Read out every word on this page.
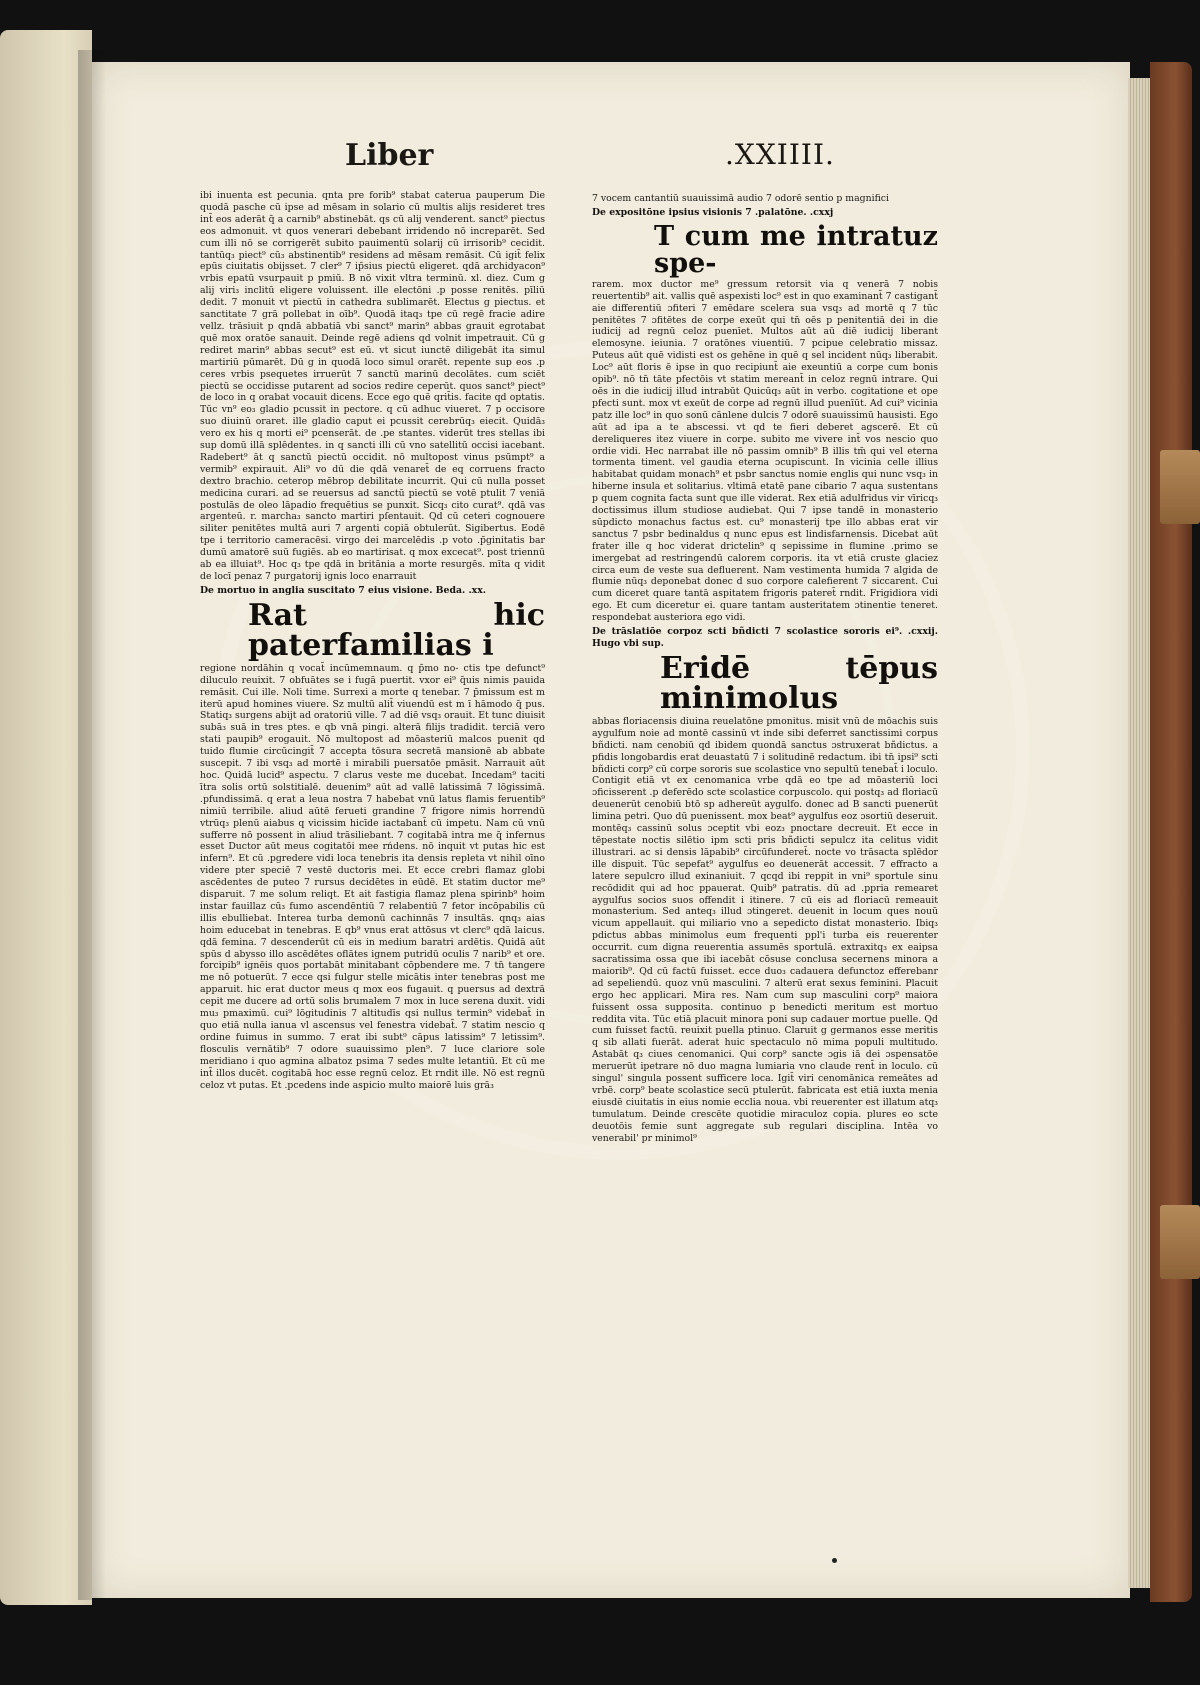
Liber	.XXIIII.

ibi inuenta est pecunia. qnta pre forib⁹ stabat caterua pauperum Die quodā pasche cū ipse ad mēsam in solario cū multis alijs resideret tres int̄ eos aderāt q̄ a carnib⁹ abstinebāt. qs cū alij venderent. sanct⁹ piectus eos admonuit. vt quos venerari debebant irridendo nō increparēt. Sed cum illi nō se corrigerēt subito pauimentū solarij cū irrisorib⁹ cecidit. tantūq₃ piect⁹ cū₃ abstinentib⁹ residens ad mēsam remāsit. Cū igit̄ felix epūs ciuitatis obijsset. 7 cler⁹ 7 ip̄sius piectū eligeret. qdā archidyacon⁹ vrbis epatū vsurpauit p pmiū. B nō vixit vltra terminū. xl. diez. Cum g alij viri₃ inclitū eligere voluissent. ille electōni .p posse renitēs. pīliū dedit. 7 monuit vt piectū in cathedra sublimarēt. Electus g piectus. et sanctitate 7 grā pollebat in oīb⁹. Quodā itaq₃ tpe cū regē fracie adire vellz. trāsiuit p qndā abbatiā vbi sanct⁹ marin⁹ abbas grauit egrotabat quē mox oratōe sanauit. Deinde regē adiens qd volnit impetrauit. Cū g rediret marin⁹ abbas secut⁹ est eū. vt sicut iunctē diligebāt ita simul martiriū pūmarēt. Dū g in quodā loco simul orarēt. repente sup eos .p ceres vrbis psequetes irruerūt 7 sanctū marinū decolātes. cum sciēt piectū se occidisse putarent ad socios redire ceperūt. quos sanct⁹ piect⁹ de loco in q orabat vocauit dicens. Ecce ego quē qrit̄is. facite qd optatis. Tūc vn⁹ eo₃ gladio pcussit in pectore. q cū adhuc viueret. 7 p occisore suo diuinū oraret. ille gladio caput ei pcussit cerebrūq₃ eiecit. Quidā₃ vero ex his q morti ei⁹ pcenserāt. de .pe stantes. viderūt tres stellas ibi sup domū illā splēdentes. in q sancti illi cū vno satellitū occisi iacebant. Radebert⁹ āt q sanctū piectū occidit. nō multopost vinus psūmpt⁹ a vermib⁹ expirauit. Ali⁹ vo dū die qdā venaret̄ de eq corruens fracto dextro brachio. ceterop mēbrop debilitate incurrit. Qui cū nulla posset medicina curari. ad se reuersus ad sanctū piectū se votē ptulit 7 veniā postulās de oleo lāpadio frequētius se punxit. Sicq₃ cito curat⁹. qdā vas argenteū. r. marcha₃ sancto martiri pſentauit. Qd cū ceteri cognouere siliter penitētes multā auri 7 argenti copiā obtulerūt. Sigibertus. Eodē tpe i territorio cameracēsi. virgo dei marcelēdis .p voto .p̄ginitatis bar dumū amatorē suū fugiēs. ab eo martirisat. q mox excecat⁹. post triennū ab ea illuiat⁹. Hoc q₃ tpe qdā in britānia a morte resurgēs. mīta q vidit de locī penaz 7 purgatorij ignis loco enarrauit

De mortuo in anglia suscitato 7 eius visione. Beda. .xx.
Rat hic paterfamilias i

regione nordāhin q vocat̄ incūmemnaum. q p̄mo no- ctis tpe defunct⁹ diluculo reuixit. 7 obfuātes se i fugā puertit. vxor ei⁹ q̄uis nimis pauida remāsit. Cui ille. Noli time. Surrexi a morte q tenebar. 7 p̄missum est m iterū apud homines viuere. Sz multū alit̄ viuendū est m ī hāmodo q̄ pus. Statiq₃ surgens abijt ad oratoriū ville. 7 ad diē vsq₃ orauit. Et tunc diuisit subā₃ suā in tres ptes. e qb vnā pingi. alterā filijs tradidit. terciā vero stati paupib⁹ erogauit. Nō multopost ad mōasteriū malcos puenit qd tuido flumie circūcingit̄ 7 accepta tōsura secretā mansionē ab abbate suscepit. 7 ibi vsq₃ ad mortē i mirabili puersatōe pmāsit. Narrauit aūt hoc. Quidā lucid⁹ aspectu. 7 clarus veste me ducebat. Incedam⁹ taciti ītra solis ortū solstitialē. deuenim⁹ aūt ad vallē latissimā 7 lōgissimā. .pfundissimā. q erat a leua nostra 7 habebat vnū latus flamis feruentib⁹ nimiū terribile. aliud aūtē ferueti grandine 7 frigore nimis horrendū vtrūq₃ plenū aiabus q vicissim hicīde iactabant̄ cū impetu. Nam cū vnū sufferre nō possent in aliud trāsiliebant. 7 cogitabā intra me q̄ infernus esset Ductor aūt meus cogitatōi mee rńdens. nō inquit vt putas hic est infern⁹. Et cū .pgredere vidi loca tenebris ita densis repleta vt nihil oīno videre pter speciē 7 vestē ductoris mei. Et ecce crebri flamaz globi ascēdentes de puteo 7 rursus decidētes in eūdē. Et statim ductor me⁹ disparuit. 7 me solum reliqt. Et ait fastigia flamaz plena spirinb⁹ hoim instar fauillaz cū₃ fumo ascendēntiū 7 relabentiū 7 fetor incōpabilis cū illis ebulliebat. Interea turba demonū cachinnās 7 insultās. qnq₃ aias hoim educebat in tenebras. E qb⁹ vnus erat attōsus vt clerc⁹ qdā laicus. qdā femina. 7 descenderūt cū eis in medium baratri ardētis. Quidā aūt spūs d abysso illo ascēdētes oflātes ignem putridū oculis 7 narib⁹ et ore. forcipib⁹ ignēis quos portabāt minitabant cōpbendere me. 7 tn̄ tangere me nō potuerūt. 7 ecce qsi fulgur stelle micātis inter tenebras post me apparuit. hic erat ductor meus q mox eos fugauit. q puersus ad dextrā cepit me ducere ad ortū solis brumalem 7 mox in luce serena duxit. vidi mu₃ pmaximū. cui⁹ lōgitudinis 7 altitudīs qsi nullus termin⁹ videbat̄ in quo etiā nulla ianua vl ascensus vel fenestra videbat̄. 7 statim nescio q ordine fuimus in summo. 7 erat ibi subt⁹ cāpus latissim⁹ 7 letissim⁹. flosculis vernātib⁹ 7 odore suauissimo plen⁹. 7 luce clariore sole meridiano i quo agmina albatoz psima 7 sedes multe letantiū. Et cū me int̄ illos ducēt. cogitabā hoc esse regnū celoz. Et rndit ille. Nō est regnū celoz vt putas. Et .pcedens inde aspicio multo maiorē luis grā₃

7 vocem cantantiū suauissimā audio 7 odorē sentio p magnifici

De expositōne ipsius visionis 7 .palatōne. .cxxj
T cum me intratuz spe-

rarem. mox ductor me⁹ gressum retorsit via q venerā 7 nobis reuertentib⁹ ait. vallis quē aspexisti loc⁹ est in quo examinant̄ 7 castigant̄ aie differentiū ɔfiteri 7 emēdare scelera sua vsq₃ ad mortē q 7 tūc penitētes 7 ɔfitētes de corpe exeūt qui tn̄ oēs p penitentiā dei in die iudicij ad regnū celoz puenīet. Multos aūt aū diē iudicij liberant elemosyne. ieiunia. 7 oratōnes viuentiū. 7 pcipue celebratio missaz. Puteus aūt quē vidisti est os gehēne in quē q sel incident nūq₃ liberabit. Loc⁹ aūt floris ē ipse in quo recipiunt̄ aie exeuntiū a corpe cum bonis opib⁹. nō tn̄ tāte pfectōis vt statim mereant̄ in celoz regnū intrare. Qui oēs in die iudicij illud intrabūt Quicūq₃ aūt in verbo. cogitatione et ope pfecti sunt. mox vt exeūt de corpe ad regnū illud puenīūt. Ad cui⁹ vicinia patz ille loc⁹ in quo sonū cānlene dulcis 7 odorē suauissimū hausisti. Ego aūt ad ipa a te abscessi. vt qd te fieri deberet agscerē. Et cū dereliqueres itez viuere in corpe. subito me vivere int̄ vos nescio quo ordie vidi. Hec narrabat ille nō passim omnib⁹ B illis tm̄ qui vel eterna tormenta timent. vel gaudia eterna ɔcupiscunt. In vicinia celle illius habitabat quidam monach⁹ et psbr sanctus nomie englis qui nunc vsq₃ in hiberne insula et solitarius. vltimā etatē pane cibario 7 aqua sustentans p quem cognita facta sunt que ille viderat. Rex etiā adulfridus vir vīricq₃ doctissimus illum studiose audiebat. Qui 7 ipse tandē in monasterio sūpdicto monachus factus est. cu⁹ monasterij tpe illo abbas erat vir sanctus 7 psbr bedinaldus q nunc epus est lindisfarnensis. Dicebat aūt frater ille q hoc viderat drictelin⁹ q sepissime in flumine .primo se imergebat ad restringendū calorem corporis. ita vt etiā cruste glaciez circa eum de veste sua defluerent. Nam vestimenta humida 7 algida de flumie nūq₃ deponebat donec d suo corpore calefierent 7 siccarent. Cui cum diceret quare tantā aspitatem frigoris pateret̄ rndit. Frigidiora vidi ego. Et cum diceretur ei. quare tantam austeritatem ɔtinentie teneret. respondebat austeriora ego vidi.

De trāslatiōe corpoz scti bñdicti 7 scolastice sororis ei⁹. .cxxij. Hugo vbi sup.
Eridē tēpus minimolus

abbas floriacensis diuina reuelatōne pmonitus. misit vnū de mōachis suis aygulfum noie ad montē cassinū vt inde sibi deferret sanctissimi corpus bñdicti. nam cenobiū qd ibidem quondā sanctus ɔstruxerat bñdictus. a pfidis longobardis erat deuastatū 7 i solitudinē redactum. ibi tn̄ ipsi⁹ scti bñdicti corp⁹ cū corpe sororis sue scolastice vno sepultū tenebat̄ i loculo. Contigit etiā vt ex cenomanica vrbe qdā eo tpe ad mōasteriū loci ɔficisserent .p deferēdo scte scolastice corpuscolo. qui postq₃ ad floriacū deuenerūt cenobiū btō sp adhereūt aygulfo. donec ad B sancti puenerūt limina petri. Quo dū puenissent. mox beat⁹ aygulfus eoz ɔsortiū deseruit. montēq₃ cassinū solus ɔceptit vbi eoz₃ pnoctare decreuit. Et ecce in tēpestate noctis silētio ipm scti pris bñdicti sepulcz ita celitus vidit illustrari. ac si densis lāpabib⁹ circūfunderet̄. nocte vo trāsacta splēdor ille dispuit. Tūc sepefat⁹ aygulfus eo deuenerāt accessit. 7 effracto a latere sepulcro illud exinaniuit. 7 qcqd ibi reppit in vni⁹ sportule sinu recōdidit qui ad hoc ppauerat. Quib⁹ patratis. dū ad .ppria remearet aygulfus socios suos offendit i itinere. 7 cū eis ad floriacū remeauit monasterium. Sed anteq₃ illud ɔtingeret. deuenit in locum ques nouū vicum appellauit. qui miliario vno a sepedicto distat monasterio. Ibiq₃ pdictus abbas minimolus eum frequenti ppl'i turba eis reuerenter occurrit. cum digna reuerentia assumēs sportulā. extraxitq₃ ex eaipsa sacratissima ossa que ibi iacebāt cōsuse conclusa secernens minora a maiorib⁹. Qd cū factū fuisset. ecce duo₃ cadauera defunctoz efferebanr ad sepeliendū. quoz vnū masculini. 7 alterū erat sexus feminini. Placuit ergo hec applicari. Mira res. Nam cum sup masculini corp⁹ maiora fuissent ossa supposita. continuo p benedicti meritum est mortuo reddita vita. Tūc etiā placuit minora poni sup cadauer mortue puelle. Qd cum fuisset factū. reuixit puella ptinuo. Claruit g germanos esse meritis q sib allati fuerāt. aderat huic spectaculo nō mima populi multitudo. Astabāt q₃ ciues cenomanici. Qui corp⁹ sancte ɔgis iā dei ɔspensatōe meruerūt ipetrare nō duo magna lumiaria vno claude rent̄ in loculo. cū singul' singula possent sufficere loca. Igit̄ viri cenomānica remeātes ad vrbē. corp⁹ beate scolastice secū ptulerūt. fabricata est etiā iuxta menia eiusdē ciuitatis in eius nomie ecclia noua. vbi reuerenter est illatum atq₃ tumulatum. Deinde crescēte quotidie miraculoz copia. plures eo scte deuotōis femie sunt aggregate sub regulari disciplina. Intēa vo venerabil' pr minimol⁹
